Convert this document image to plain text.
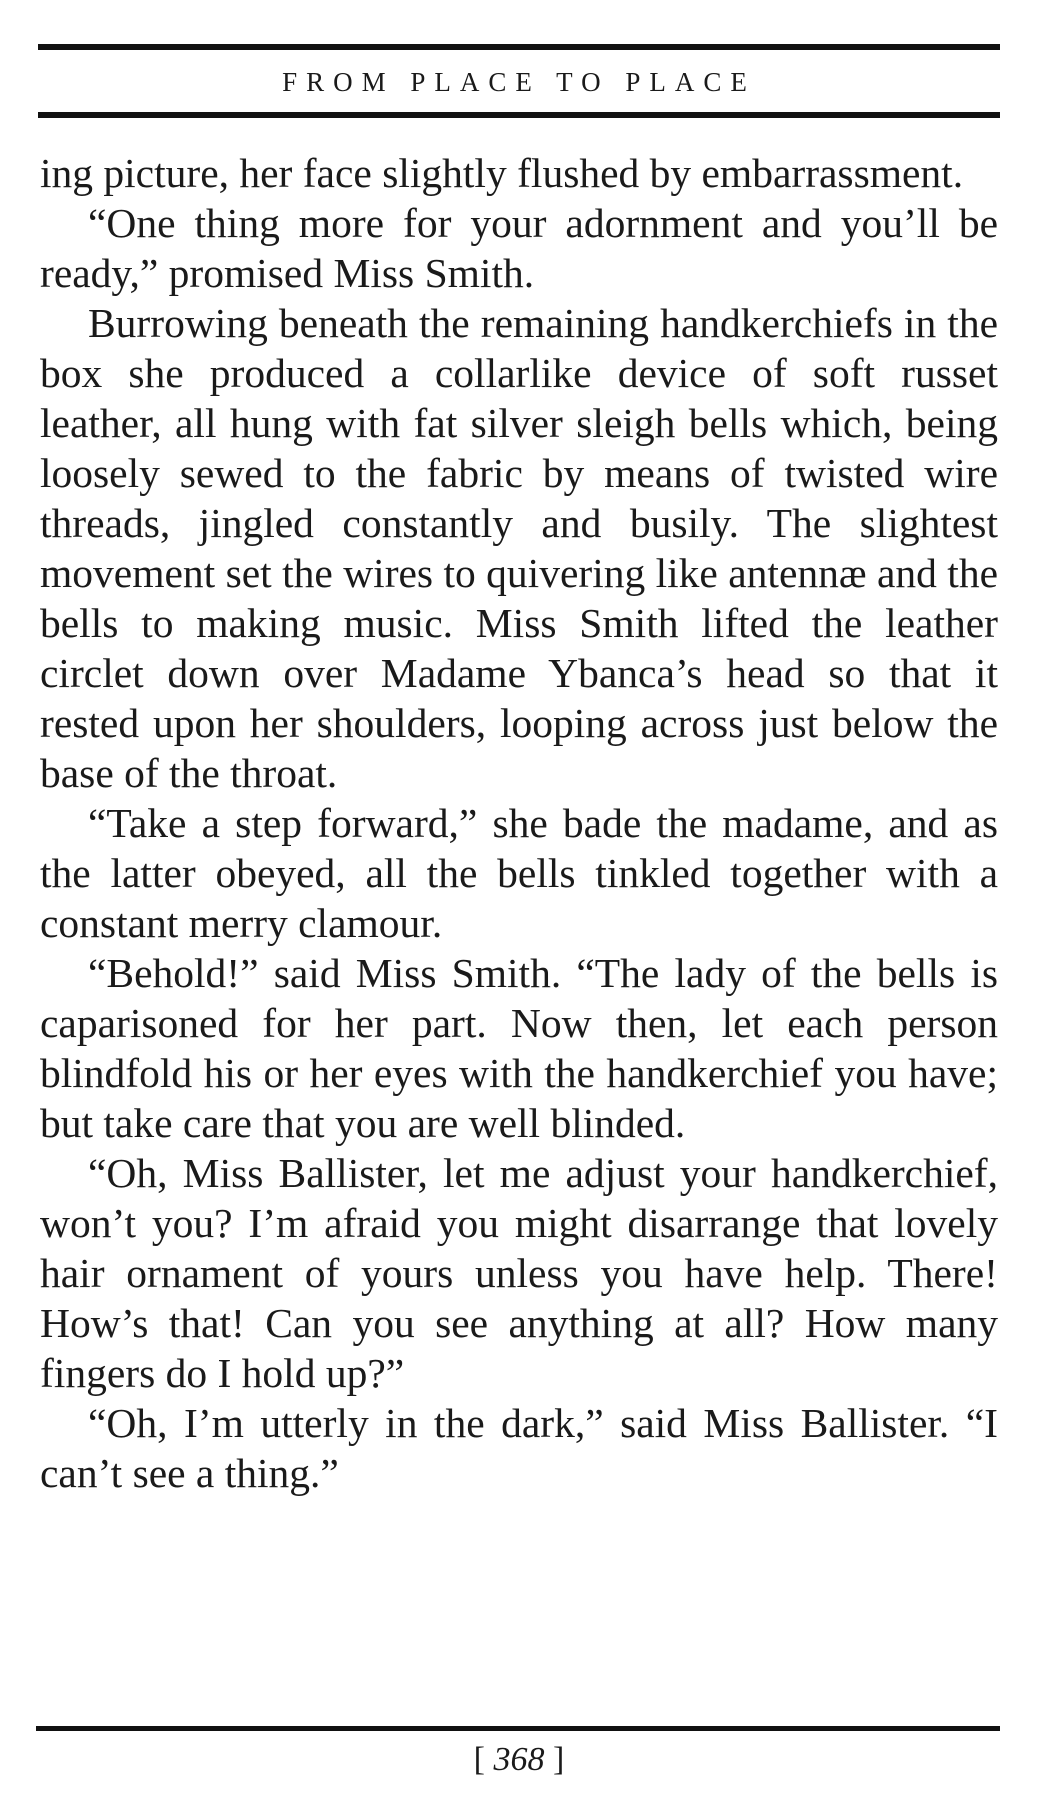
FROM PLACE TO PLACE

ing picture, her face slightly flushed by embarrassment.

“One thing more for your adornment and you’ll be ready,” promised Miss Smith.

Burrowing beneath the remaining handkerchiefs in the box she produced a collarlike device of soft russet leather, all hung with fat silver sleigh bells which, being loosely sewed to the fabric by means of twisted wire threads, jingled constantly and busily. The slightest movement set the wires to quivering like antennæ and the bells to making music. Miss Smith lifted the leather circlet down over Madame Ybanca’s head so that it rested upon her shoulders, looping across just below the base of the throat.

“Take a step forward,” she bade the madame, and as the latter obeyed, all the bells tinkled together with a constant merry clamour.

“Behold!” said Miss Smith. “The lady of the bells is caparisoned for her part. Now then, let each person blindfold his or her eyes with the handkerchief you have; but take care that you are well blinded.

“Oh, Miss Ballister, let me adjust your handkerchief, won’t you? I’m afraid you might disarrange that lovely hair ornament of yours unless you have help. There! How’s that! Can you see anything at all? How many fingers do I hold up?”

“Oh, I’m utterly in the dark,” said Miss Ballister. “I can’t see a thing.”

[ 368 ]
